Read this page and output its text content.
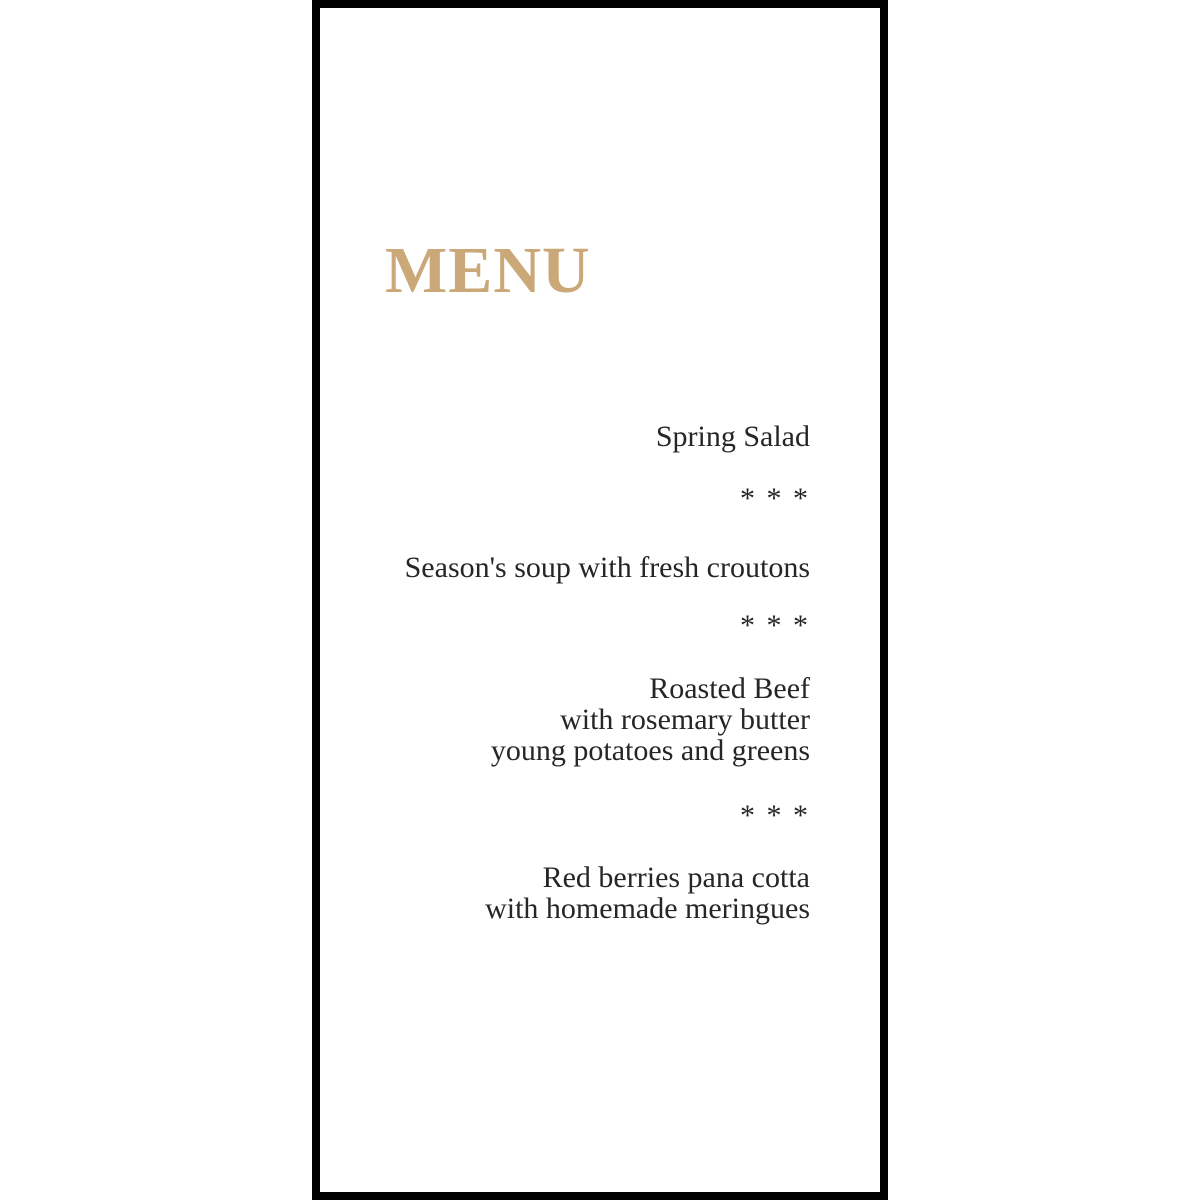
MENU
Spring Salad
* * *
Season's soup with fresh croutons
* * *
Roasted Beef
with rosemary butter
young potatoes and greens
* * *
Red berries pana cotta
with homemade meringues
